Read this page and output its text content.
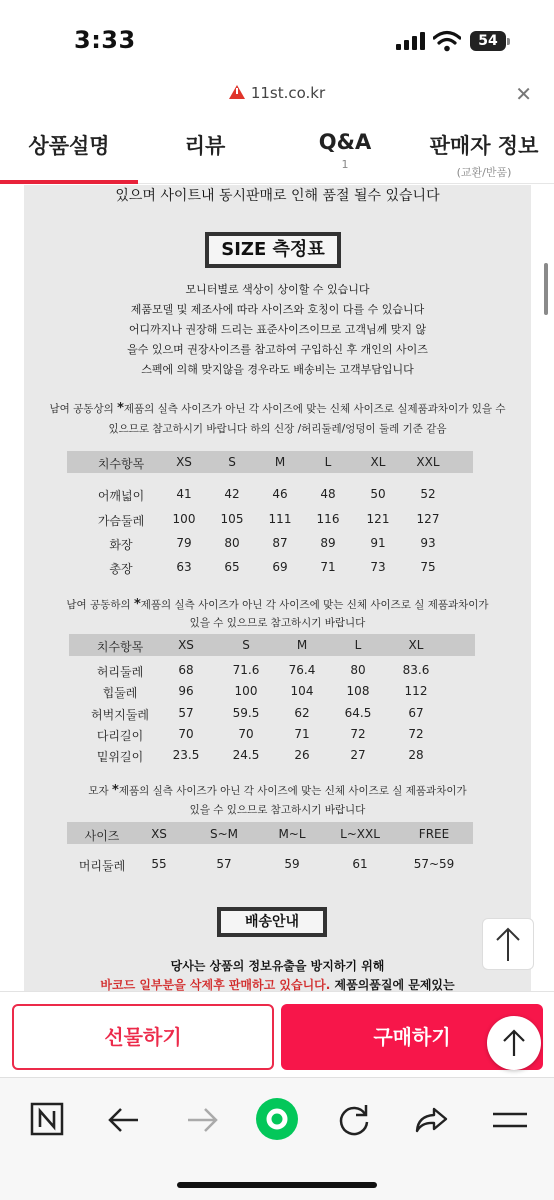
3:33	54
11st.co.kr	✕
상품설명	리뷰	Q&A
1
판매자 정보
(교환/반품)
있으며 사이트내 동시판매로 인해 품절 될수 있습니다
SIZE 측정표
모니터별로 색상이 상이할 수 있습니다
제품모델 및 제조사에 따라 사이즈와 호칭이 다를 수 있습니다
어디까지나 권장해 드리는 표준사이즈이므로 고객님께 맞지 않
을수 있으며 권장사이즈를 참고하여 구입하신 후 개인의 사이즈
스펙에 의해 맞지않을 경우라도 배송비는 고객부담입니다
남여 공동상의 *제품의 실측 사이즈가 아닌 각 사이즈에 맞는 신체 사이즈로 실제품과차이가 있을 수
있으므로 참고하시기 바랍니다 하의 신장 /허리둘레/엉덩이 둘레 기준 같음
치수항목	XS	S	M	L	XL	XXL
어깨넓이	41	42	46	48	50	52
가슴둘레	100	105	111	116	121	127
화장	79	80	87	89	91	93
총장	63	65	69	71	73	75
남여 공동하의 *제품의 실측 사이즈가 아닌 각 사이즈에 맞는 신체 사이즈로 실 제품과차이가
있을 수 있으므로 참고하시기 바랍니다
치수항목	XS	S	M	L	XL
허리둘레	68	71.6	76.4	80	83.6
힙둘레	96	100	104	108	112
허벅지둘레	57	59.5	62	64.5	67
다리길이	70	70	71	72	72
밑위길이	23.5	24.5	26	27	28
모자 *제품의 실측 사이즈가 아닌 각 사이즈에 맞는 신체 사이즈로 실 제품과차이가
있을 수 있으므로 참고하시기 바랍니다
사이즈	XS	S~M	M~L	L~XXL	FREE
머리둘레	55	57	59	61	57~59
배송안내
당사는 상품의 정보유출을 방지하기 위해
바코드 일부분을 삭제후 판매하고 있습니다. 제품의품질에 문제있는
선물하기	구매하기
